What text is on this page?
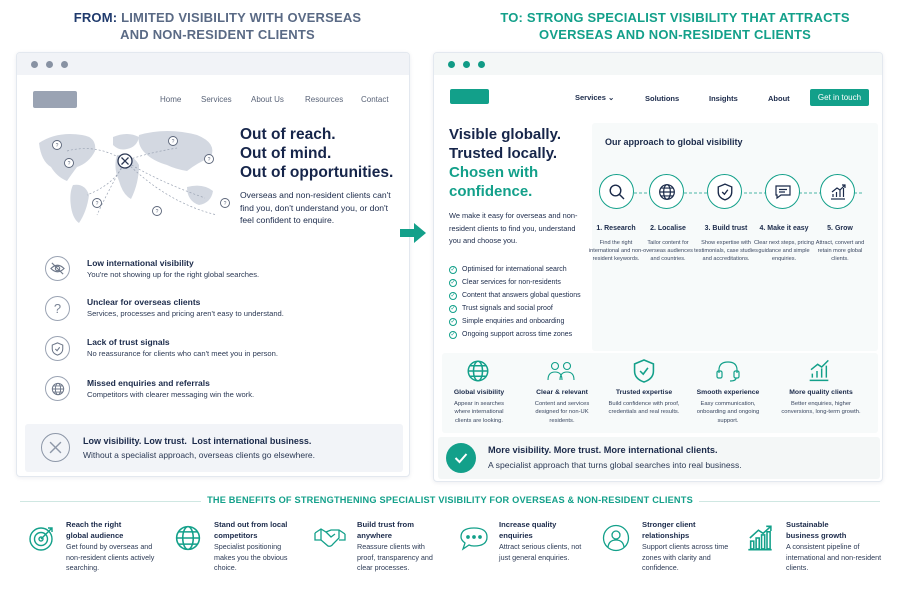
FROM: LIMITED VISIBILITY WITH OVERSEAS
AND NON-RESIDENT CLIENTS
TO: STRONG SPECIALIST VISIBILITY THAT ATTRACTS
OVERSEAS AND NON-RESIDENT CLIENTS
Home Services About Us	Resources Contact
?
?
?
?
?
?
?
Out of reach.
Out of mind.
Out of opportunities.
Overseas and non-resident clients can't find you, don't understand you, or don't feel confident to enquire.
Low international visibility
You're not showing up for the right global searches.
?	Unclear for overseas clients
Services, processes and pricing aren't easy to understand.
Lack of trust signals
No reassurance for clients who can't meet you in person.
Missed enquiries and referrals
Competitors with clearer messaging win the work.
Low visibility. Low trust.  Lost international business.
Without a specialist approach, overseas clients go elsewhere.
Services ⌄	Solutions	Insights	About	Get in touch
Visible globally.
Trusted locally.
Chosen with
confidence.
We make it easy for overseas and non-resident clients to find you, understand you and choose you.
✓ Optimised for international search
✓ Clear services for non-residents
✓ Content that answers global questions
✓ Trust signals and social proof
✓ Simple enquiries and onboarding
✓ Ongoing support across time zones
Our approach to global visibility
1. Research
Find the right international and non-resident keywords.
2. Localise
Tailor content for overseas audiences and countries.
3. Build trust
Show expertise with testimonials, case studies and accreditations.
4. Make it easy
Clear next steps, pricing guidance and simple enquiries.
5. Grow
Attract, convert and retain more global clients.
Global visibility
Appear in searches where international clients are looking.
Clear & relevant
Content and services designed for non-UK residents.
Trusted expertise
Build confidence with proof, credentials and real results.
Smooth experience
Easy communication, onboarding and ongoing support.
More quality clients
Better enquiries, higher conversions, long-term growth.
More visibility. More trust. More international clients.
A specialist approach that turns global searches into real business.
THE BENEFITS OF STRENGTHENING SPECIALIST VISIBILITY FOR OVERSEAS & NON-RESIDENT CLIENTS
Reach the right global audience
Get found by overseas and non-resident clients actively searching.
Stand out from local competitors
Specialist positioning makes you the obvious choice.
Build trust from anywhere
Reassure clients with proof, transparency and clear processes.
Increase quality enquiries
Attract serious clients, not just general enquiries.
Stronger client relationships
Support clients across time zones with clarity and confidence.
Sustainable business growth
A consistent pipeline of international and non-resident clients.
